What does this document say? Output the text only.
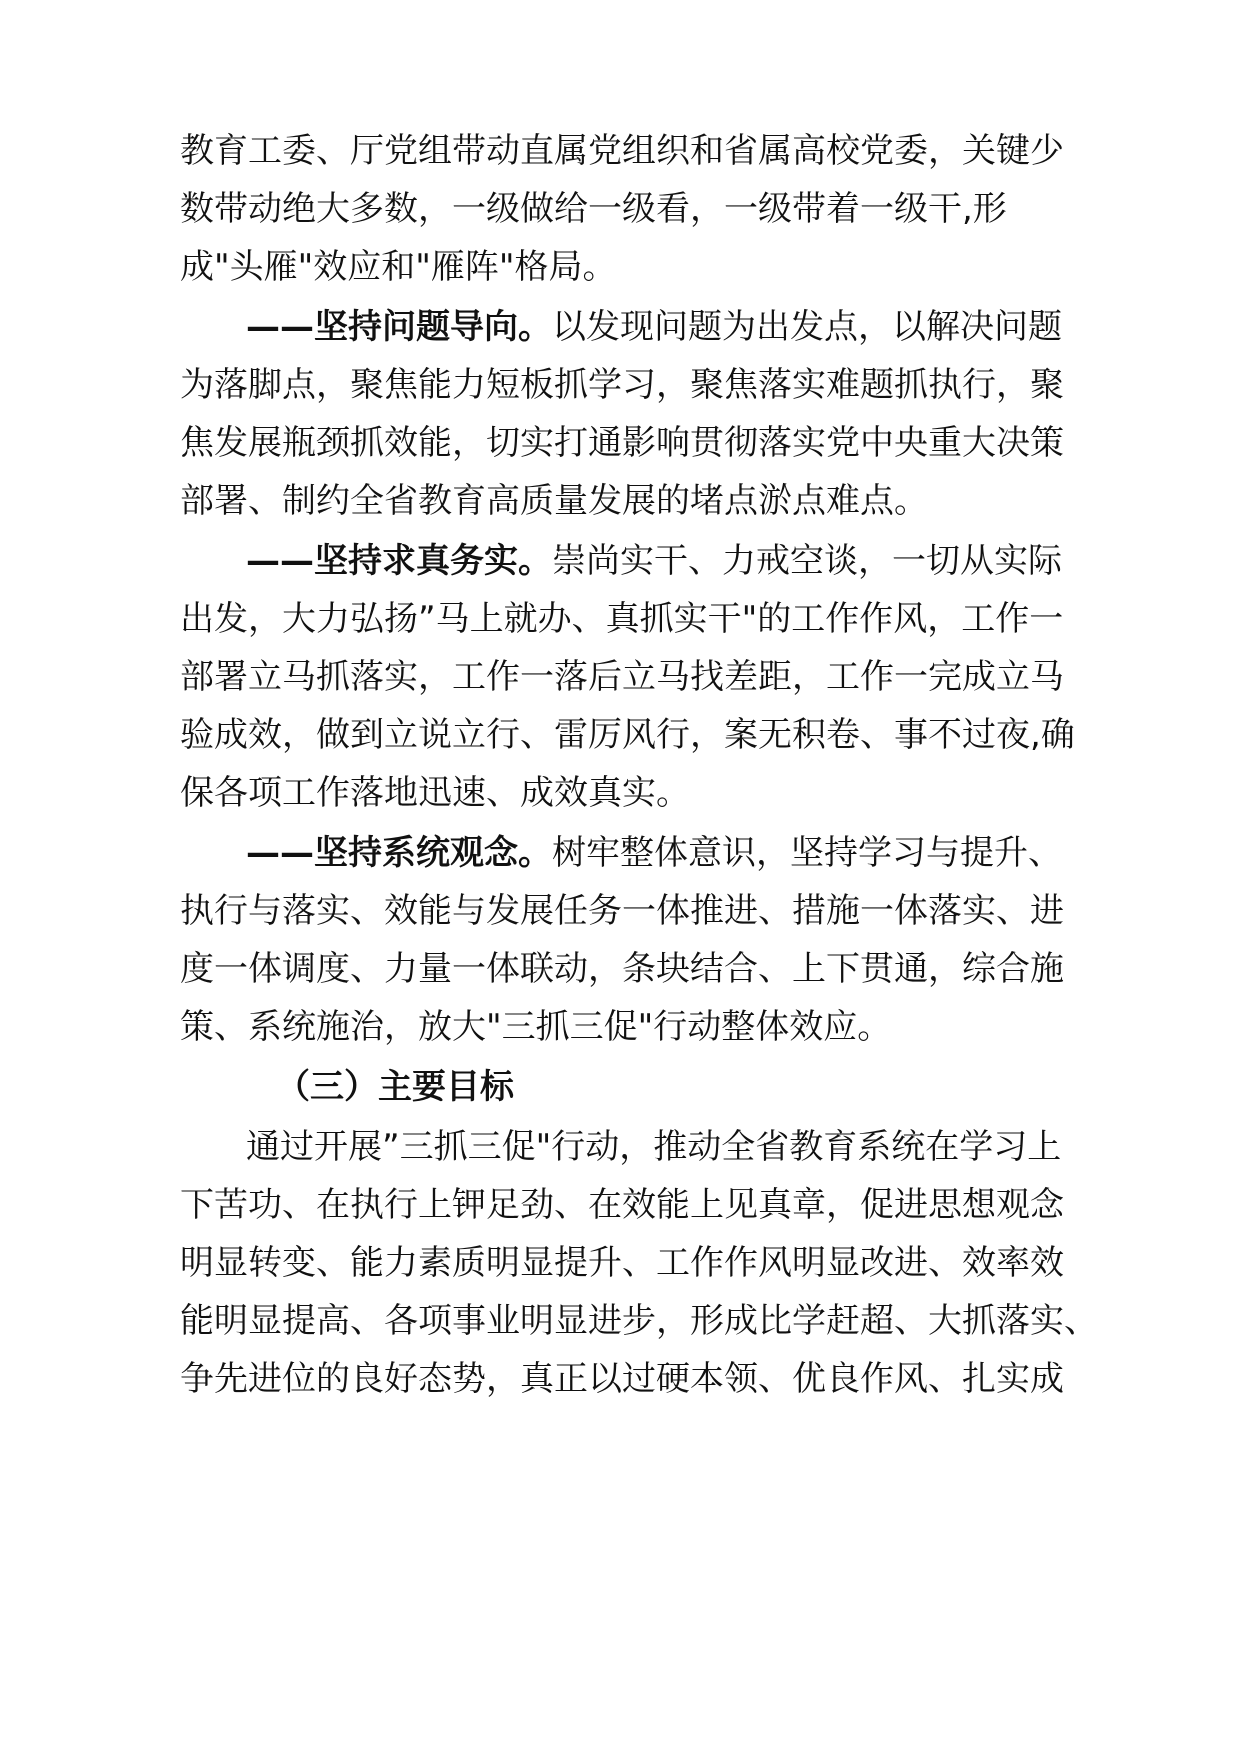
教育工委、厅党组带动直属党组织和省属高校党委，关键少
数带动绝大多数，一级做给一级看，一级带着一级干,形
成"头雁"效应和"雁阵"格局。
——坚持问题导向。以发现问题为出发点，以解决问题
为落脚点，聚焦能力短板抓学习，聚焦落实难题抓执行，聚
焦发展瓶颈抓效能，切实打通影响贯彻落实党中央重大决策
部署、制约全省教育高质量发展的堵点淤点难点。
——坚持求真务实。崇尚实干、力戒空谈，一切从实际
出发，大力弘扬”马上就办、真抓实干"的工作作风，工作一
部署立马抓落实，工作一落后立马找差距，工作一完成立马
验成效，做到立说立行、雷厉风行，案无积卷、事不过夜,确
保各项工作落地迅速、成效真实。
——坚持系统观念。树牢整体意识，坚持学习与提升、
执行与落实、效能与发展任务一体推进、措施一体落实、进
度一体调度、力量一体联动，条块结合、上下贯通，综合施
策、系统施治，放大"三抓三促"行动整体效应。
（三）主要目标
通过开展”三抓三促"行动，推动全省教育系统在学习上
下苦功、在执行上钾足劲、在效能上见真章，促进思想观念
明显转变、能力素质明显提升、工作作风明显改进、效率效
能明显提高、各项事业明显进步，形成比学赶超、大抓落实、
争先进位的良好态势，真正以过硬本领、优良作风、扎实成
